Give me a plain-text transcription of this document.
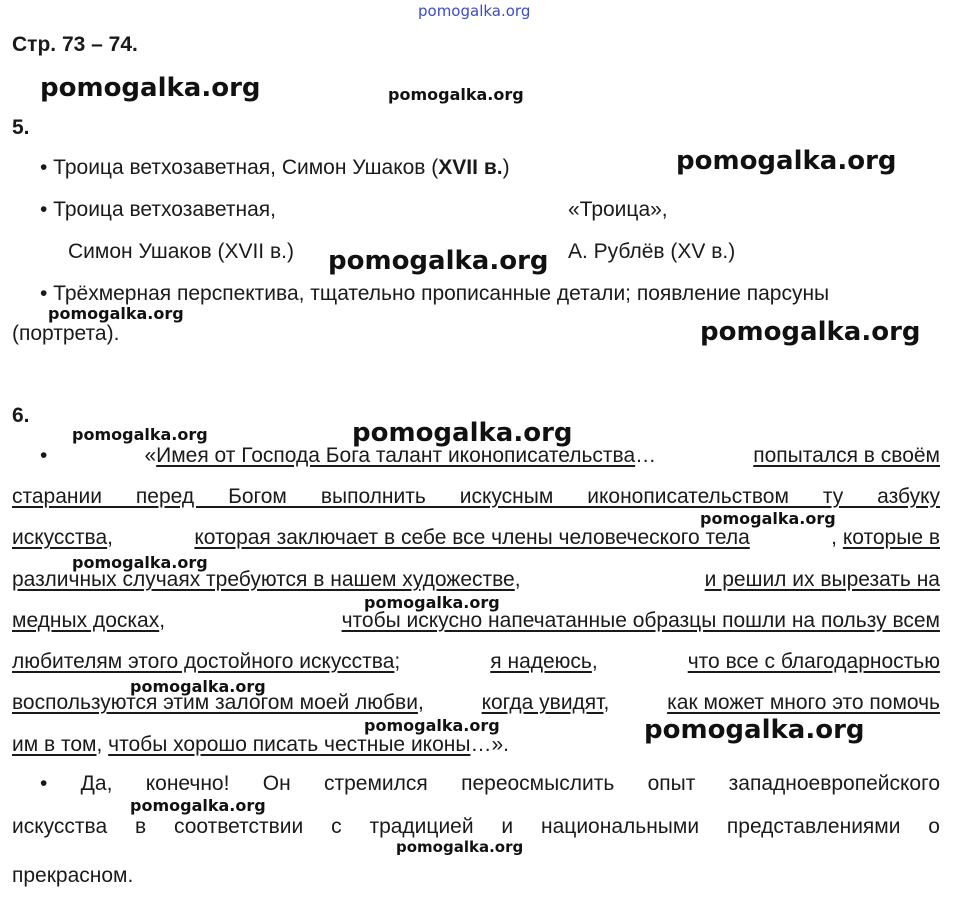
pomogalka.org
Стр. 73 – 74.
pomogalka.org	pomogalka.org
5.
• Троица ветхозаветная, Симон Ушаков (XVII в.)	pomogalka.org
• Троица ветхозаветная,	«Троица»,
Симон Ушаков (XVII в.)	А. Рублёв (XV в.)
pomogalka.org
• Трёхмерная перспектива, тщательно прописанные детали; появление парсуны
pomogalka.org
(портрета).	pomogalka.org
6.
pomogalka.org	pomogalka.org
•	«Имея от Господа Бога талант иконописательства…	попытался в своём
старании перед Богом выполнить искусным иконописательством ту азбуку
pomogalka.org
искусства,	которая заключает в себе все члены человеческого тела	, которые в
pomogalka.org
различных случаях требуются в нашем художестве,	и решил их вырезать на
pomogalka.org
медных досках,	чтобы искусно напечатанные образцы пошли на пользу всем
любителям этого достойного искусства;	я надеюсь,	что все с благодарностью
pomogalka.org
воспользуются этим залогом моей любви,	когда увидят,	как может много это помочь
pomogalka.org	pomogalka.org
им в том, чтобы хорошо писать честные иконы…».
• Да, конечно! Он стремился переосмыслить опыт западноевропейского
pomogalka.org
искусства в соответствии с традицией и национальными представлениями о
pomogalka.org
прекрасном.
